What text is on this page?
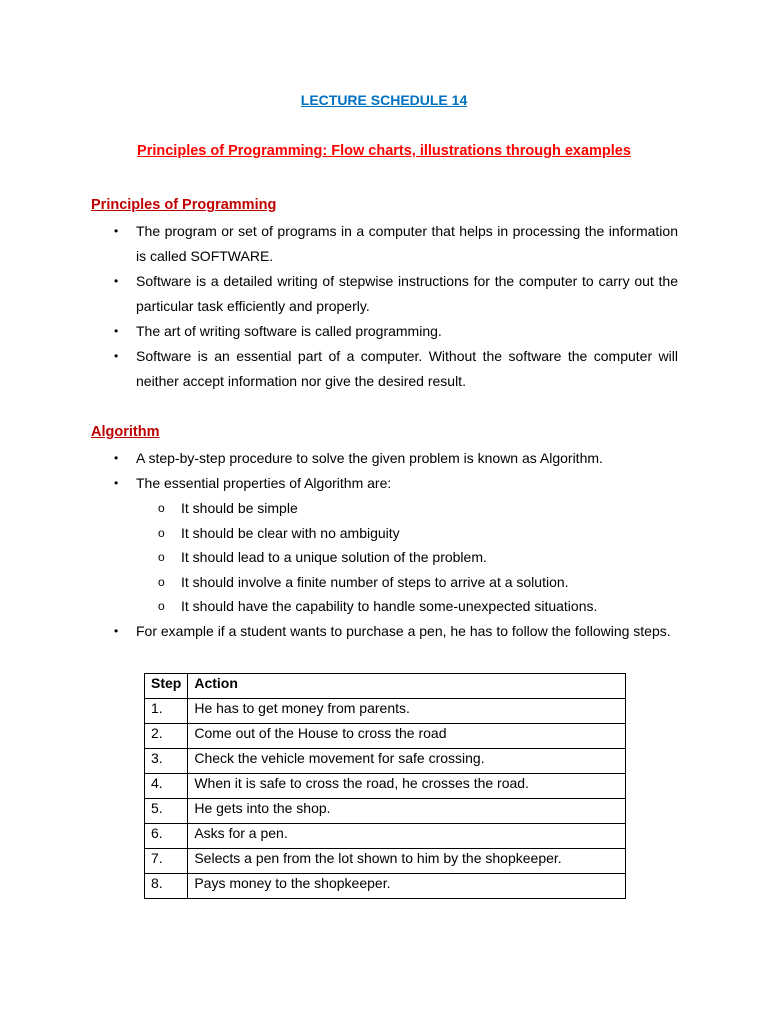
LECTURE SCHEDULE 14
Principles of Programming: Flow charts, illustrations through examples
Principles of Programming
• The program or set of programs in a computer that helps in processing the information is called SOFTWARE.
• Software is a detailed writing of stepwise instructions for the computer to carry out the particular task efficiently and properly.
• The art of writing software is called programming.
• Software is an essential part of a computer. Without the software the computer will neither accept information nor give the desired result.
Algorithm
• A step-by-step procedure to solve the given problem is known as Algorithm.
• The essential properties of Algorithm are:
o It should be simple
o It should be clear with no ambiguity
o It should lead to a unique solution of the problem.
o It should involve a finite number of steps to arrive at a solution.
o It should have the capability to handle some-unexpected situations.
• For example if a student wants to purchase a pen, he has to follow the following steps.
Step	Action
1.	He has to get money from parents.
2.	Come out of the House to cross the road
3.	Check the vehicle movement for safe crossing.
4.	When it is safe to cross the road, he crosses the road.
5.	He gets into the shop.
6.	Asks for a pen.
7.	Selects a pen from the lot shown to him by the shopkeeper.
8.	Pays money to the shopkeeper.
